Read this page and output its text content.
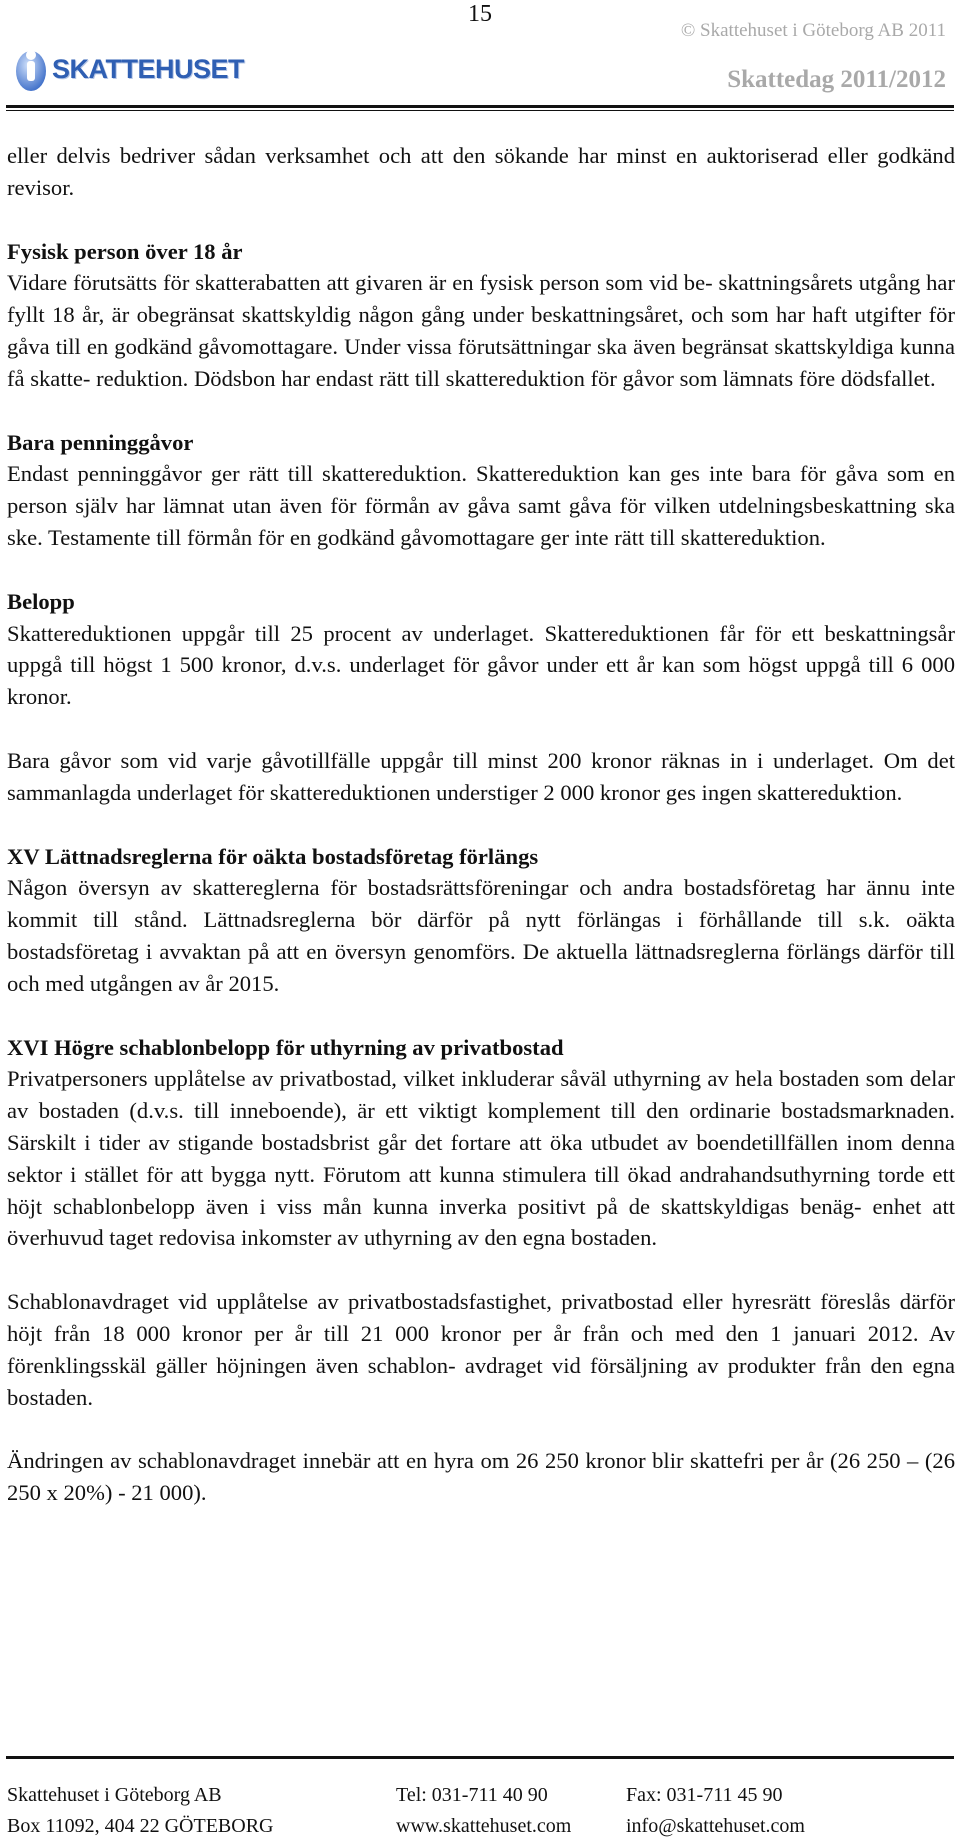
15
SKATTEHUSET
© Skattehuset i Göteborg AB 2011
Skattedag 2011/2012

eller delvis bedriver sådan verksamhet och att den sökande har minst en auktoriserad eller godkänd revisor.

Fysisk person över 18 år

Vidare förutsätts för skatterabatten att givaren är en fysisk person som vid be- skattningsårets utgång har fyllt 18 år, är obegränsat skattskyldig någon gång under beskattningsåret, och som har haft utgifter för gåva till en godkänd gåvomottagare. Under vissa förutsättningar ska även begränsat skattskyldiga kunna få skatte- reduktion. Dödsbon har endast rätt till skattereduktion för gåvor som lämnats före dödsfallet.

Bara penninggåvor

Endast penninggåvor ger rätt till skattereduktion. Skattereduktion kan ges inte bara för gåva som en person själv har lämnat utan även för förmån av gåva samt gåva för vilken utdelningsbeskattning ska ske. Testamente till förmån för en godkänd gåvomottagare ger inte rätt till skattereduktion.

Belopp

Skattereduktionen uppgår till 25 procent av underlaget. Skattereduktionen får för ett beskattningsår uppgå till högst 1 500 kronor, d.v.s. underlaget för gåvor under ett år kan som högst uppgå till 6 000 kronor.

Bara gåvor som vid varje gåvotillfälle uppgår till minst 200 kronor räknas in i underlaget. Om det sammanlagda underlaget för skattereduktionen understiger 2 000 kronor ges ingen skattereduktion.

XV Lättnadsreglerna för oäkta bostadsföretag förlängs

Någon översyn av skattereglerna för bostadsrättsföreningar och andra bostadsföretag har ännu inte kommit till stånd. Lättnadsreglerna bör därför på nytt förlängas i förhållande till s.k. oäkta bostadsföretag i avvaktan på att en översyn genomförs. De aktuella lättnadsreglerna förlängs därför till och med utgången av år 2015.

XVI Högre schablonbelopp för uthyrning av privatbostad

Privatpersoners upplåtelse av privatbostad, vilket inkluderar såväl uthyrning av hela bostaden som delar av bostaden (d.v.s. till inneboende), är ett viktigt komplement till den ordinarie bostadsmarknaden. Särskilt i tider av stigande bostadsbrist går det fortare att öka utbudet av boendetillfällen inom denna sektor i stället för att bygga nytt. Förutom att kunna stimulera till ökad andrahandsuthyrning torde ett höjt schablonbelopp även i viss mån kunna inverka positivt på de skattskyldigas benäg- enhet att överhuvud taget redovisa inkomster av uthyrning av den egna bostaden.

Schablonavdraget vid upplåtelse av privatbostadsfastighet, privatbostad eller hyresrätt föreslås därför höjt från 18 000 kronor per år till 21 000 kronor per år från och med den 1 januari 2012. Av förenklingsskäl gäller höjningen även schablon- avdraget vid försäljning av produkter från den egna bostaden.

Ändringen av schablonavdraget innebär att en hyra om 26 250 kronor blir skattefri per år (26 250 – (26 250 x 20%) - 21 000).

Skattehuset i Göteborg AB	Tel: 031-711 40 90	Fax: 031-711 45 90
Box 11092, 404 22 GÖTEBORG	www.skattehuset.com	info@skattehuset.com
